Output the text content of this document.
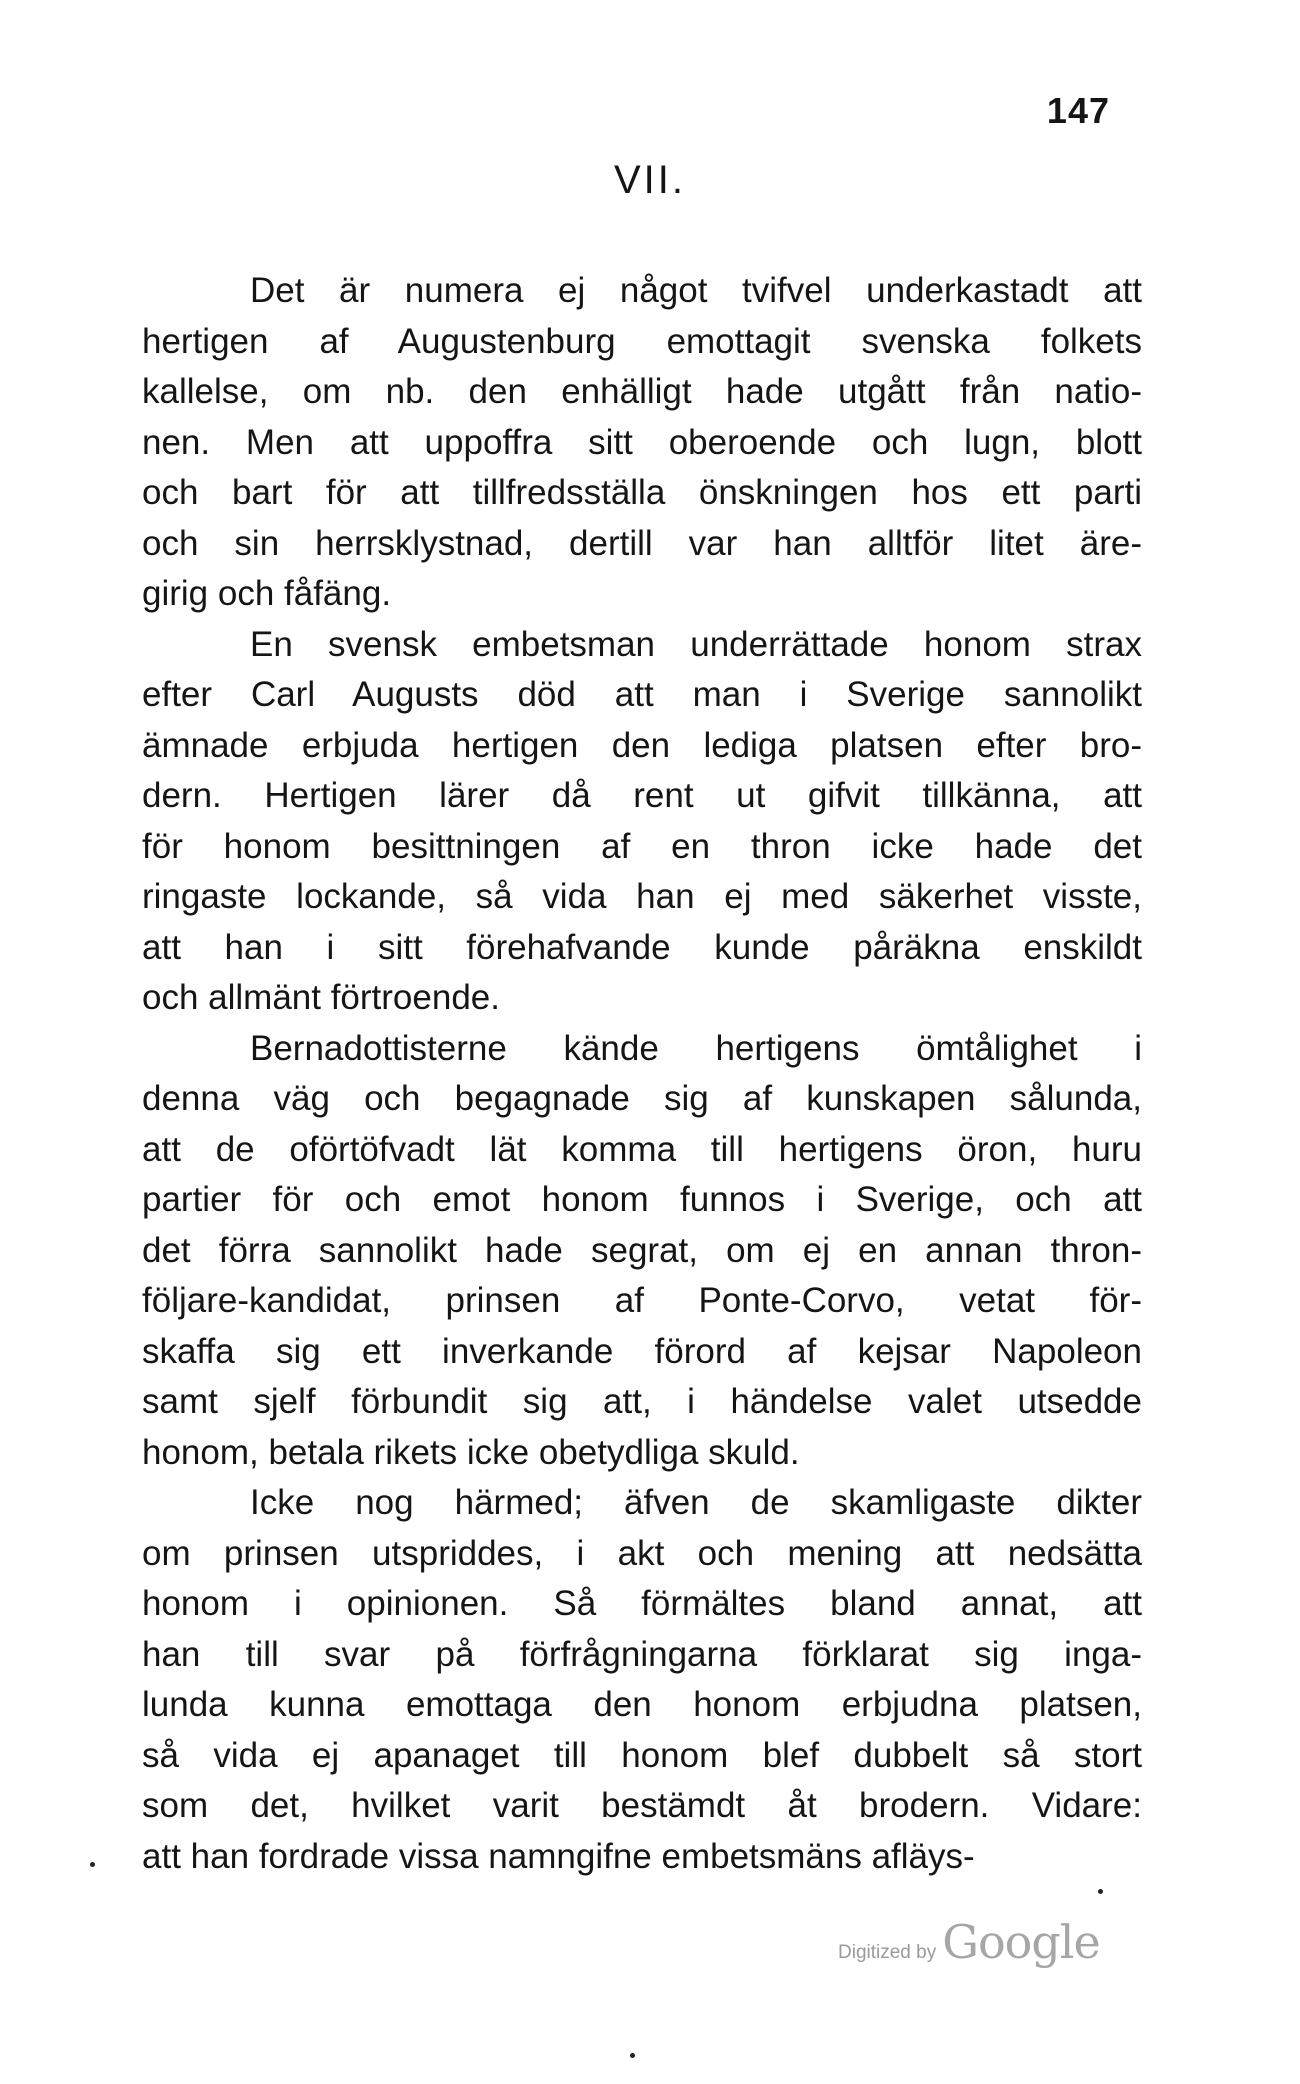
147
VII.
Det är numera ej något tvifvel underkastadt att
hertigen af Augustenburg emottagit svenska folkets
kallelse, om nb. den enhälligt hade utgått från natio-
nen. Men att uppoffra sitt oberoende och lugn, blott
och bart för att tillfredsställa önskningen hos ett parti
och sin herrsklystnad, dertill var han alltför litet äre-
girig och fåfäng.
En svensk embetsman underrättade honom strax
efter Carl Augusts död att man i Sverige sannolikt
ämnade erbjuda hertigen den lediga platsen efter bro-
dern. Hertigen lärer då rent ut gifvit tillkänna, att
för honom besittningen af en thron icke hade det
ringaste lockande, så vida han ej med säkerhet visste,
att han i sitt förehafvande kunde påräkna enskildt
och allmänt förtroende.
Bernadottisterne kände hertigens ömtålighet i
denna väg och begagnade sig af kunskapen sålunda,
att de oförtöfvadt lät komma till hertigens öron, huru
partier för och emot honom funnos i Sverige, och att
det förra sannolikt hade segrat, om ej en annan thron-
följare-kandidat, prinsen af Ponte-Corvo, vetat för-
skaffa sig ett inverkande förord af kejsar Napoleon
samt sjelf förbundit sig att, i händelse valet utsedde
honom, betala rikets icke obetydliga skuld.
Icke nog härmed; äfven de skamligaste dikter
om prinsen utspriddes, i akt och mening att nedsätta
honom i opinionen. Så förmältes bland annat, att
han till svar på förfrågningarna förklarat sig inga-
lunda kunna emottaga den honom erbjudna platsen,
så vida ej apanaget till honom blef dubbelt så stort
som det, hvilket varit bestämdt åt brodern. Vidare:
att han fordrade vissa namngifne embetsmäns afläys-
Digitized by Google
